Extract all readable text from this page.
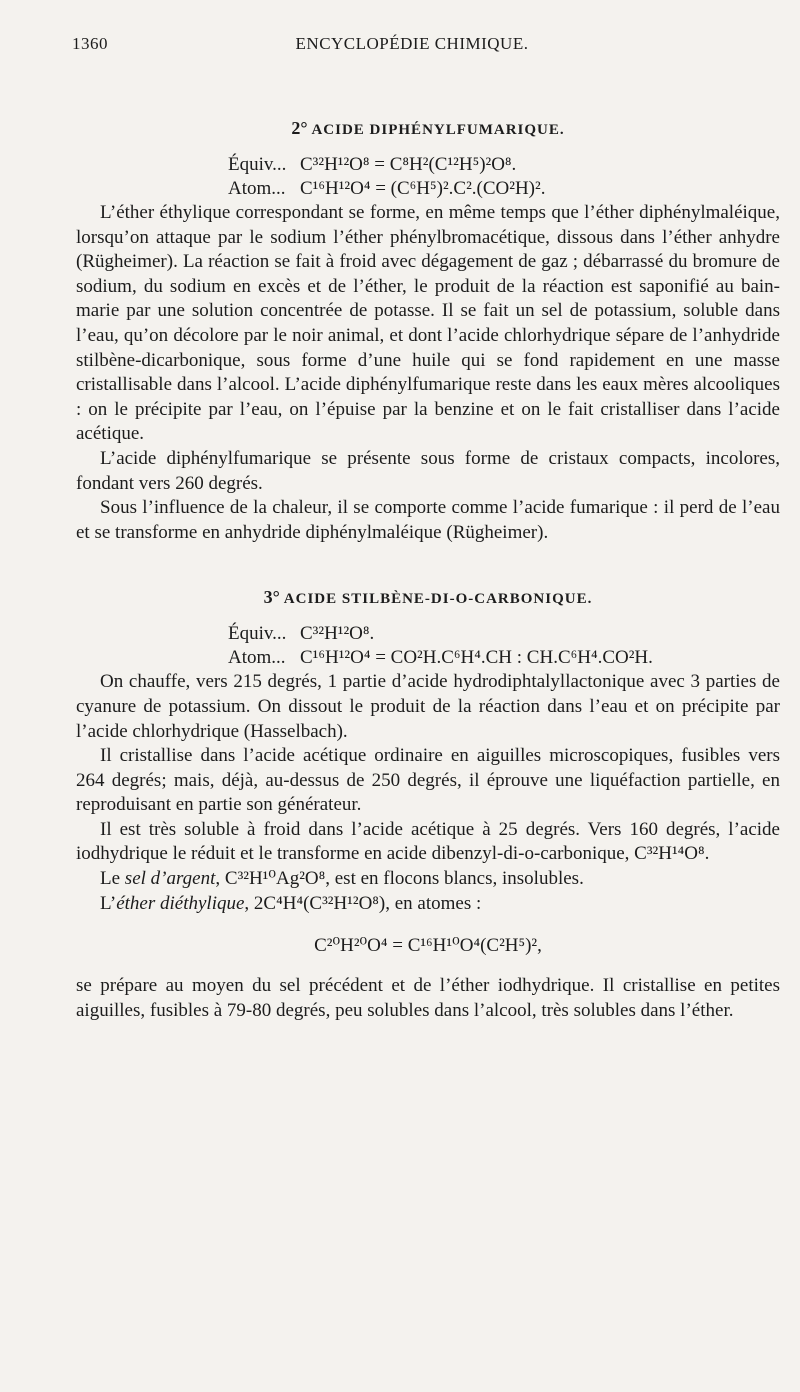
1360	ENCYCLOPÉDIE CHIMIQUE.
2° ACIDE DIPHÉNYLFUMARIQUE.
Équiv... C³²H¹²O⁸ = C⁸H²(C¹²H⁵)²O⁸.
Atom... C¹⁶H¹²O⁴ = (C⁶H⁵)².C².(CO²H)².

L’éther éthylique correspondant se forme, en même temps que l’éther diphénylmaléique, lorsqu’on attaque par le sodium l’éther phénylbromacétique, dissous dans l’éther anhydre (Rügheimer). La réaction se fait à froid avec dégagement de gaz ; débarrassé du bromure de sodium, du sodium en excès et de l’éther, le produit de la réaction est saponifié au bain-marie par une solution concentrée de potasse. Il se fait un sel de potassium, soluble dans l’eau, qu’on décolore par le noir animal, et dont l’acide chlorhydrique sépare de l’anhydride stilbène-dicarbonique, sous forme d’une huile qui se fond rapidement en une masse cristallisable dans l’alcool. L’acide diphénylfumarique reste dans les eaux mères alcooliques : on le précipite par l’eau, on l’épuise par la benzine et on le fait cristalliser dans l’acide acétique.

L’acide diphénylfumarique se présente sous forme de cristaux compacts, incolores, fondant vers 260 degrés.

Sous l’influence de la chaleur, il se comporte comme l’acide fumarique : il perd de l’eau et se transforme en anhydride diphénylmaléique (Rügheimer).

3° ACIDE STILBÈNE-DI-O-CARBONIQUE.
Équiv... C³²H¹²O⁸.
Atom... C¹⁶H¹²O⁴ = CO²H.C⁶H⁴.CH : CH.C⁶H⁴.CO²H.

On chauffe, vers 215 degrés, 1 partie d’acide hydrodiphtalyllactonique avec 3 parties de cyanure de potassium. On dissout le produit de la réaction dans l’eau et on précipite par l’acide chlorhydrique (Hasselbach).

Il cristallise dans l’acide acétique ordinaire en aiguilles microscopiques, fusibles vers 264 degrés; mais, déjà, au-dessus de 250 degrés, il éprouve une liquéfaction partielle, en reproduisant en partie son générateur.

Il est très soluble à froid dans l’acide acétique à 25 degrés. Vers 160 degrés, l’acide iodhydrique le réduit et le transforme en acide dibenzyl-di-o-carbonique, C³²H¹⁴O⁸.

Le sel d’argent, C³²H¹⁰Ag²O⁸, est en flocons blancs, insolubles.

L’éther diéthylique, 2C⁴H⁴(C³²H¹²O⁸), en atomes :

C²⁰H²⁰O⁴ = C¹⁶H¹⁰O⁴(C²H⁵)²,

se prépare au moyen du sel précédent et de l’éther iodhydrique. Il cristallise en petites aiguilles, fusibles à 79-80 degrés, peu solubles dans l’alcool, très solubles dans l’éther.
